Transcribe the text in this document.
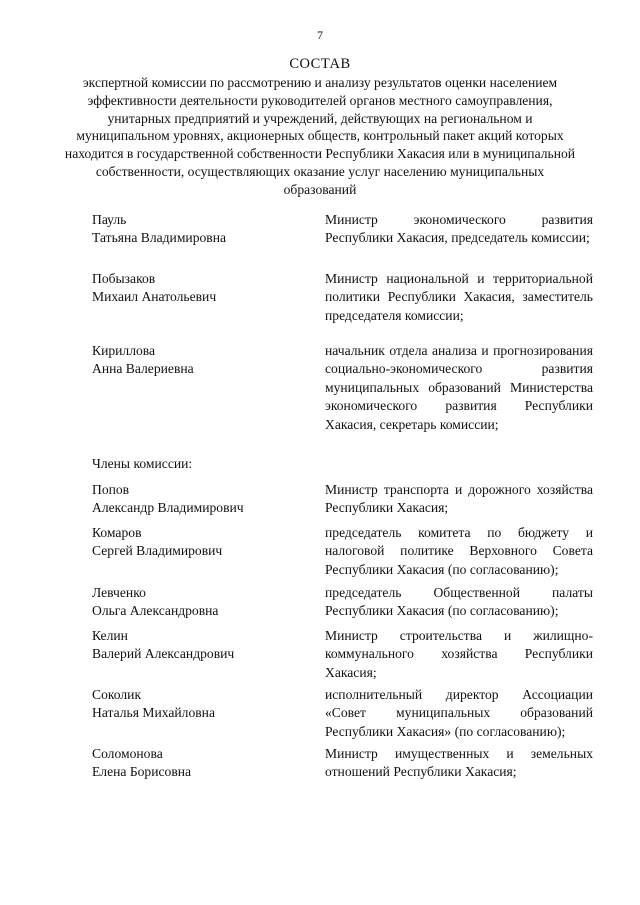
7
СОСТАВ
экспертной комиссии по рассмотрению и анализу результатов оценки населением эффективности деятельности руководителей органов местного самоуправления, унитарных предприятий и учреждений, действующих на региональном и муниципальном уровнях, акционерных обществ, контрольный пакет акций которых находится в государственной собственности Республики Хакасия или в муниципальной собственности, осуществляющих оказание услуг населению муниципальных образований
Пауль
Татьяна Владимировна
Министр экономического развития Республики Хакасия, председатель комиссии;
Побызаков
Михаил Анатольевич
Министр национальной и территориальной политики Республики Хакасия, заместитель председателя комиссии;
Кириллова
Анна Валериевна
начальник отдела анализа и прогнозирования социально-экономического развития муниципальных образований Министерства экономического развития Республики Хакасия, секретарь комиссии;
Члены комиссии:
Попов
Александр Владимирович
Министр транспорта и дорожного хозяйства Республики Хакасия;
Комаров
Сергей Владимирович
председатель комитета по бюджету и налоговой политике Верховного Совета Республики Хакасия (по согласованию);
Левченко
Ольга Александровна
председатель Общественной палаты Республики Хакасия (по согласованию);
Келин
Валерий Александрович
Министр строительства и жилищно-коммунального хозяйства Республики Хакасия;
Соколик
Наталья Михайловна
исполнительный директор Ассоциации «Совет муниципальных образований Республики Хакасия» (по согласованию);
Соломонова
Елена Борисовна
Министр имущественных и земельных отношений Республики Хакасия;
